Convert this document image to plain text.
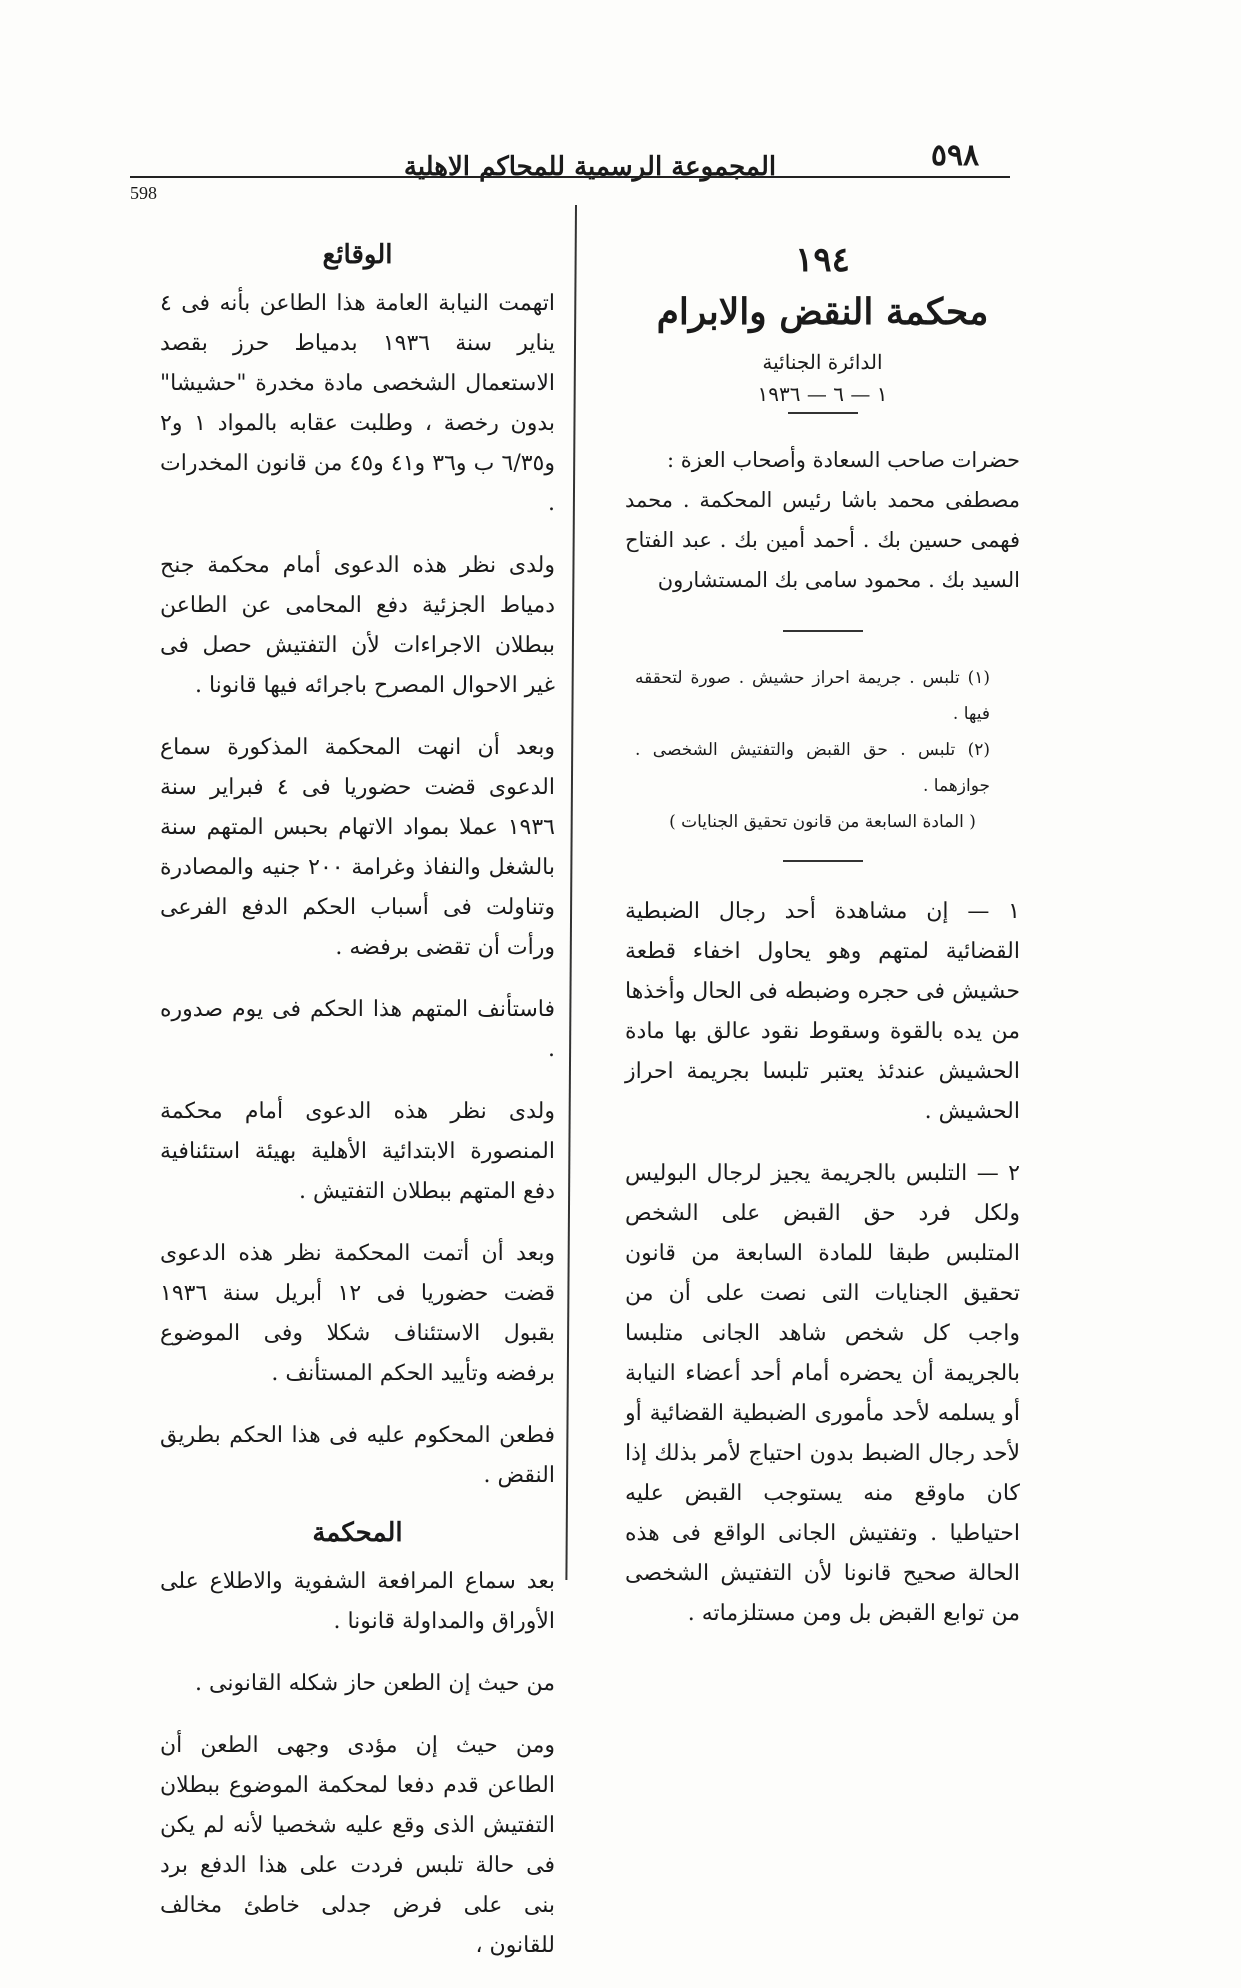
٥٩٨
المجموعة الرسمية للمحاكم الاهلية
598
١٩٤
محكمة النقض والابرام
الدائرة الجنائية
١ — ٦ — ١٩٣٦

حضرات صاحب السعادة وأصحاب العزة :

مصطفى محمد باشا رئيس المحكمة . محمد فهمى حسين بك . أحمد أمين بك . عبد الفتاح السيد بك . محمود سامى بك المستشارون

(١) تلبس . جريمة احراز حشيش . صورة لتحققه فيها .

(٢) تلبس . حق القبض والتفتيش الشخصى . جوازهما .

( المادة السابعة من قانون تحقيق الجنايات )

١ — إن مشاهدة أحد رجال الضبطية القضائية لمتهم وهو يحاول اخفاء قطعة حشيش فى حجره وضبطه فى الحال وأخذها من يده بالقوة وسقوط نقود عالق بها مادة الحشيش عندئذ يعتبر تلبسا بجريمة احراز الحشيش .

٢ — التلبس بالجريمة يجيز لرجال البوليس ولكل فرد حق القبض على الشخص المتلبس طبقا للمادة السابعة من قانون تحقيق الجنايات التى نصت على أن من واجب كل شخص شاهد الجانى متلبسا بالجريمة أن يحضره أمام أحد أعضاء النيابة أو يسلمه لأحد مأمورى الضبطية القضائية أو لأحد رجال الضبط بدون احتياج لأمر بذلك إذا كان ماوقع منه يستوجب القبض عليه احتياطيا . وتفتيش الجانى الواقع فى هذه الحالة صحيح قانونا لأن التفتيش الشخصى من توابع القبض بل ومن مستلزماته .

الوقائع

اتهمت النيابة العامة هذا الطاعن بأنه فى ٤ يناير سنة ١٩٣٦ بدمياط حرز بقصد الاستعمال الشخصى مادة مخدرة "حشيشا" بدون رخصة ، وطلبت عقابه بالمواد ١ و٢ و٦/٣٥ ب و٣٦ و٤١ و٤٥ من قانون المخدرات .

ولدى نظر هذه الدعوى أمام محكمة جنح دمياط الجزئية دفع المحامى عن الطاعن ببطلان الاجراءات لأن التفتيش حصل فى غير الاحوال المصرح باجرائه فيها قانونا .

وبعد أن انهت المحكمة المذكورة سماع الدعوى قضت حضوريا فى ٤ فبراير سنة ١٩٣٦ عملا بمواد الاتهام بحبس المتهم سنة بالشغل والنفاذ وغرامة ٢٠٠ جنيه والمصادرة وتناولت فى أسباب الحكم الدفع الفرعى ورأت أن تقضى برفضه .

فاستأنف المتهم هذا الحكم فى يوم صدوره .

ولدى نظر هذه الدعوى أمام محكمة المنصورة الابتدائية الأهلية بهيئة استئنافية دفع المتهم ببطلان التفتيش .

وبعد أن أتمت المحكمة نظر هذه الدعوى قضت حضوريا فى ١٢ أبريل سنة ١٩٣٦ بقبول الاستئناف شكلا وفى الموضوع برفضه وتأييد الحكم المستأنف .

فطعن المحكوم عليه فى هذا الحكم بطريق النقض .

المحكمة

بعد سماع المرافعة الشفوية والاطلاع على الأوراق والمداولة قانونا .

من حيث إن الطعن حاز شكله القانونى .

ومن حيث إن مؤدى وجهى الطعن أن الطاعن قدم دفعا لمحكمة الموضوع ببطلان التفتيش الذى وقع عليه شخصيا لأنه لم يكن فى حالة تلبس فردت على هذا الدفع برد بنى على فرض جدلى خاطئ مخالف للقانون ،
